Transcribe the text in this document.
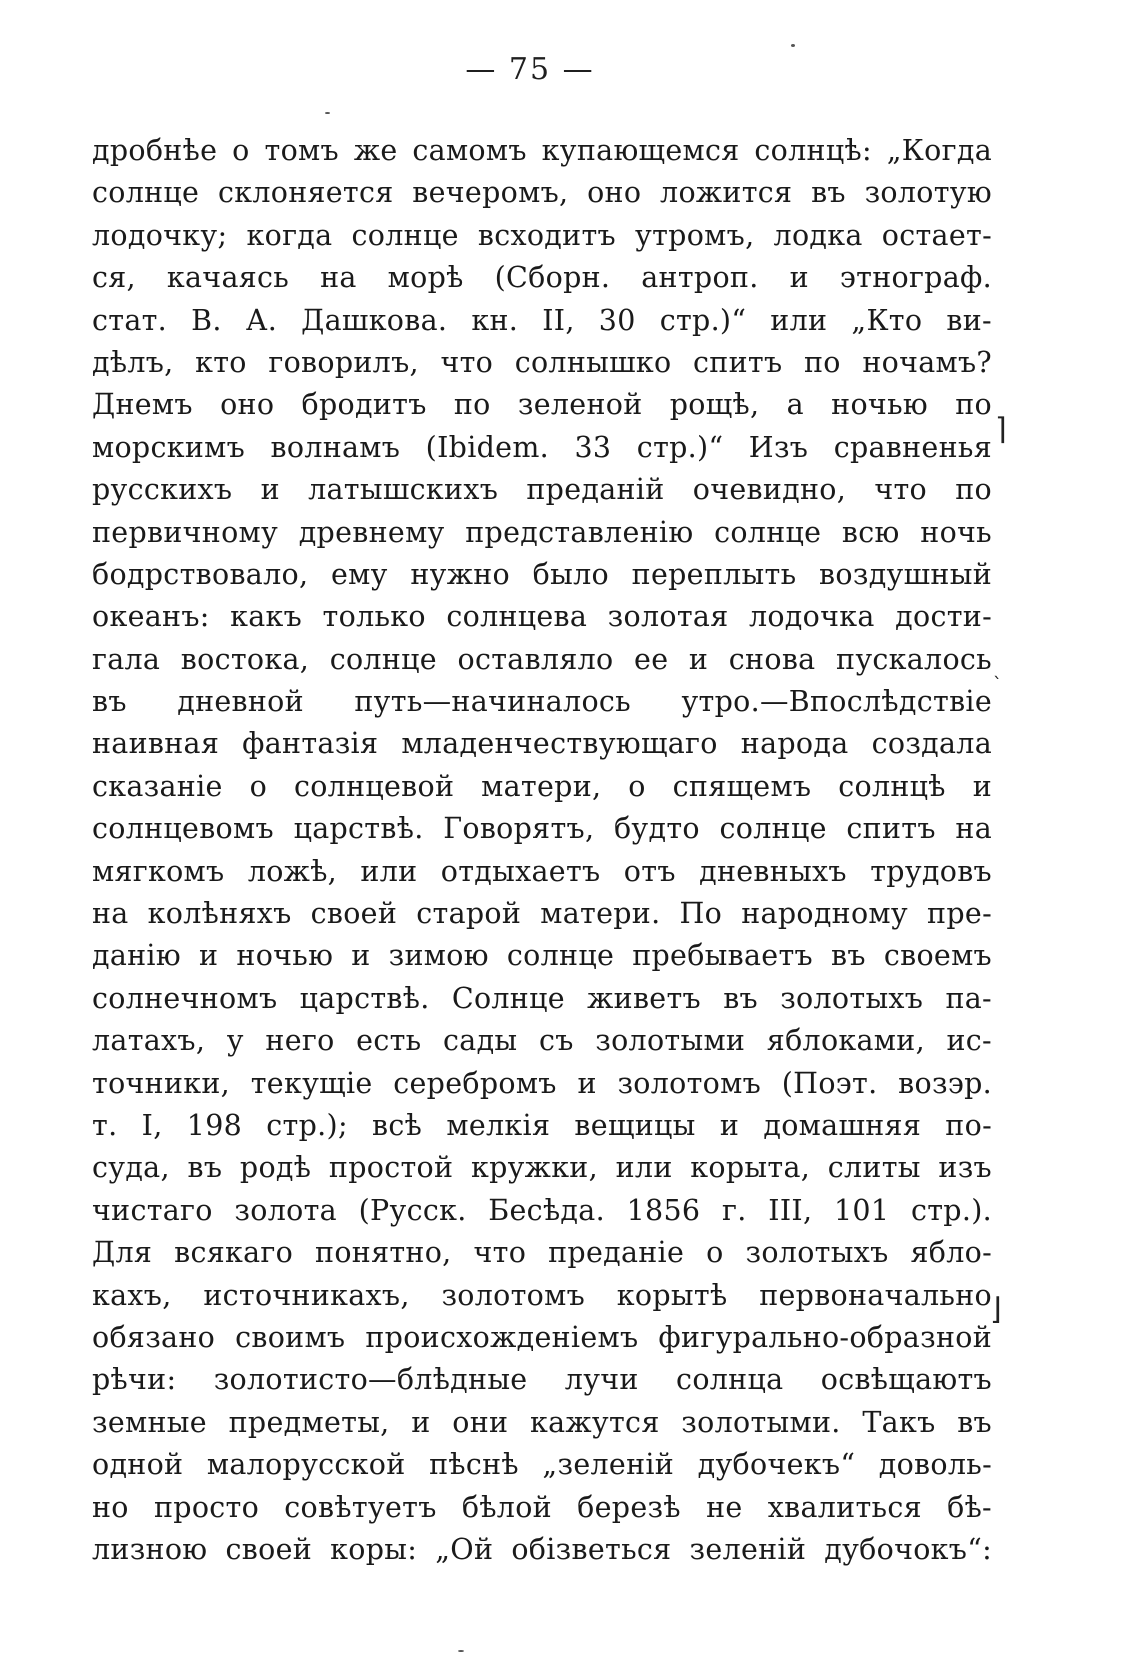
— 75 —
дробнѣе о томъ же самомъ купающемся солнцѣ: „Когда
солнце склоняется вечеромъ, оно ложится въ золотую
лодочку; когда солнце всходитъ утромъ, лодка остает-
ся, качаясь на морѣ (Сборн. антроп. и этнограф.
стат. В. А. Дашкова. кн. II, 30 стр.)“ или „Кто ви-
дѣлъ, кто говорилъ, что солнышко спитъ по ночамъ?
Днемъ оно бродитъ по зеленой рощѣ, а ночью по
морскимъ волнамъ (Ibidem. 33 стр.)“ Изъ сравненья
русскихъ и латышскихъ преданій очевидно, что по
первичному древнему представленію солнце всю ночь
бодрствовало, ему нужно было переплыть воздушный
океанъ: какъ только солнцева золотая лодочка дости-
гала востока, солнце оставляло ее и снова пускалось
въ дневной путь—начиналось утро.—Впослѣдствіе
наивная фантазія младенчествующаго народа создала
сказаніе о солнцевой матери, о спящемъ солнцѣ и
солнцевомъ царствѣ. Говорятъ, будто солнце спитъ на
мягкомъ ложѣ, или отдыхаетъ отъ дневныхъ трудовъ
на колѣняхъ своей старой матери. По народному пре-
данію и ночью и зимою солнце пребываетъ въ своемъ
солнечномъ царствѣ. Солнце живетъ въ золотыхъ па-
латахъ, у него есть сады съ золотыми яблоками, ис-
точники, текущіе серебромъ и золотомъ (Поэт. возэр.
т. I, 198 стр.); всѣ мелкія вещицы и домашняя по-
суда, въ родѣ простой кружки, или корыта, слиты изъ
чистаго золота (Русск. Бесѣда. 1856 г. III, 101 стр.).
Для всякаго понятно, что преданіе о золотыхъ ябло-
кахъ, источникахъ, золотомъ корытѣ первоначально
обязано своимъ происхожденіемъ фигурально-образной
рѣчи: золотисто—блѣдные лучи солнца освѣщаютъ
земные предметы, и они кажутся золотыми. Такъ въ
одной малорусской пѣснѣ „зеленій дубочекъ“ доволь-
но просто совѣтуетъ бѣлой березѣ не хвалиться бѣ-
лизною своей коры: „Ой обізветься зеленій дубочокъ“:
⌉
ˋ
⌋
